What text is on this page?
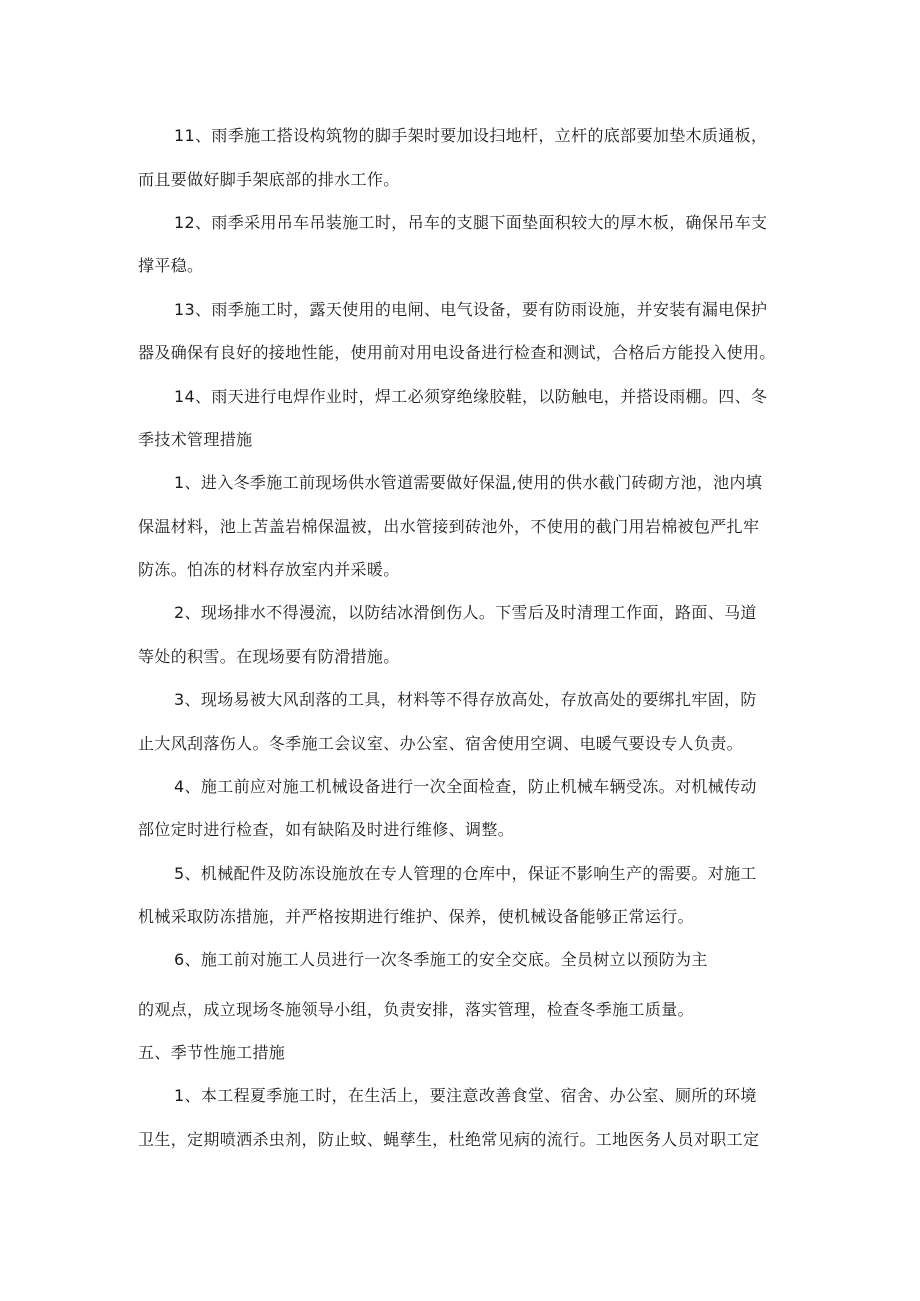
11、雨季施工搭设构筑物的脚手架时要加设扫地杆，立杆的底部要加垫木质通板，
而且要做好脚手架底部的排水工作。
12、雨季采用吊车吊装施工时，吊车的支腿下面垫面积较大的厚木板，确保吊车支
撑平稳。
13、雨季施工时，露天使用的电闸、电气设备，要有防雨设施，并安装有漏电保护
器及确保有良好的接地性能，使用前对用电设备进行检查和测试，合格后方能投入使用。
14、雨天进行电焊作业时，焊工必须穿绝缘胶鞋，以防触电，并搭设雨棚。四、冬
季技术管理措施
1、进入冬季施工前现场供水管道需要做好保温,使用的供水截门砖砌方池，池内填
保温材料，池上苫盖岩棉保温被，出水管接到砖池外，不使用的截门用岩棉被包严扎牢
防冻。怕冻的材料存放室内并采暖。
2、现场排水不得漫流，以防结冰滑倒伤人。下雪后及时清理工作面，路面、马道
等处的积雪。在现场要有防滑措施。
3、现场易被大风刮落的工具，材料等不得存放高处，存放高处的要绑扎牢固，防
止大风刮落伤人。冬季施工会议室、办公室、宿舍使用空调、电暖气要设专人负责。
4、施工前应对施工机械设备进行一次全面检查，防止机械车辆受冻。对机械传动
部位定时进行检查，如有缺陷及时进行维修、调整。
5、机械配件及防冻设施放在专人管理的仓库中，保证不影响生产的需要。对施工
机械采取防冻措施，并严格按期进行维护、保养，使机械设备能够正常运行。
6、施工前对施工人员进行一次冬季施工的安全交底。全员树立以预防为主
的观点，成立现场冬施领导小组，负责安排，落实管理，检查冬季施工质量。
五、季节性施工措施
1、本工程夏季施工时，在生活上，要注意改善食堂、宿舍、办公室、厕所的环境
卫生，定期喷洒杀虫剂，防止蚊、蝇孳生，杜绝常见病的流行。工地医务人员对职工定
